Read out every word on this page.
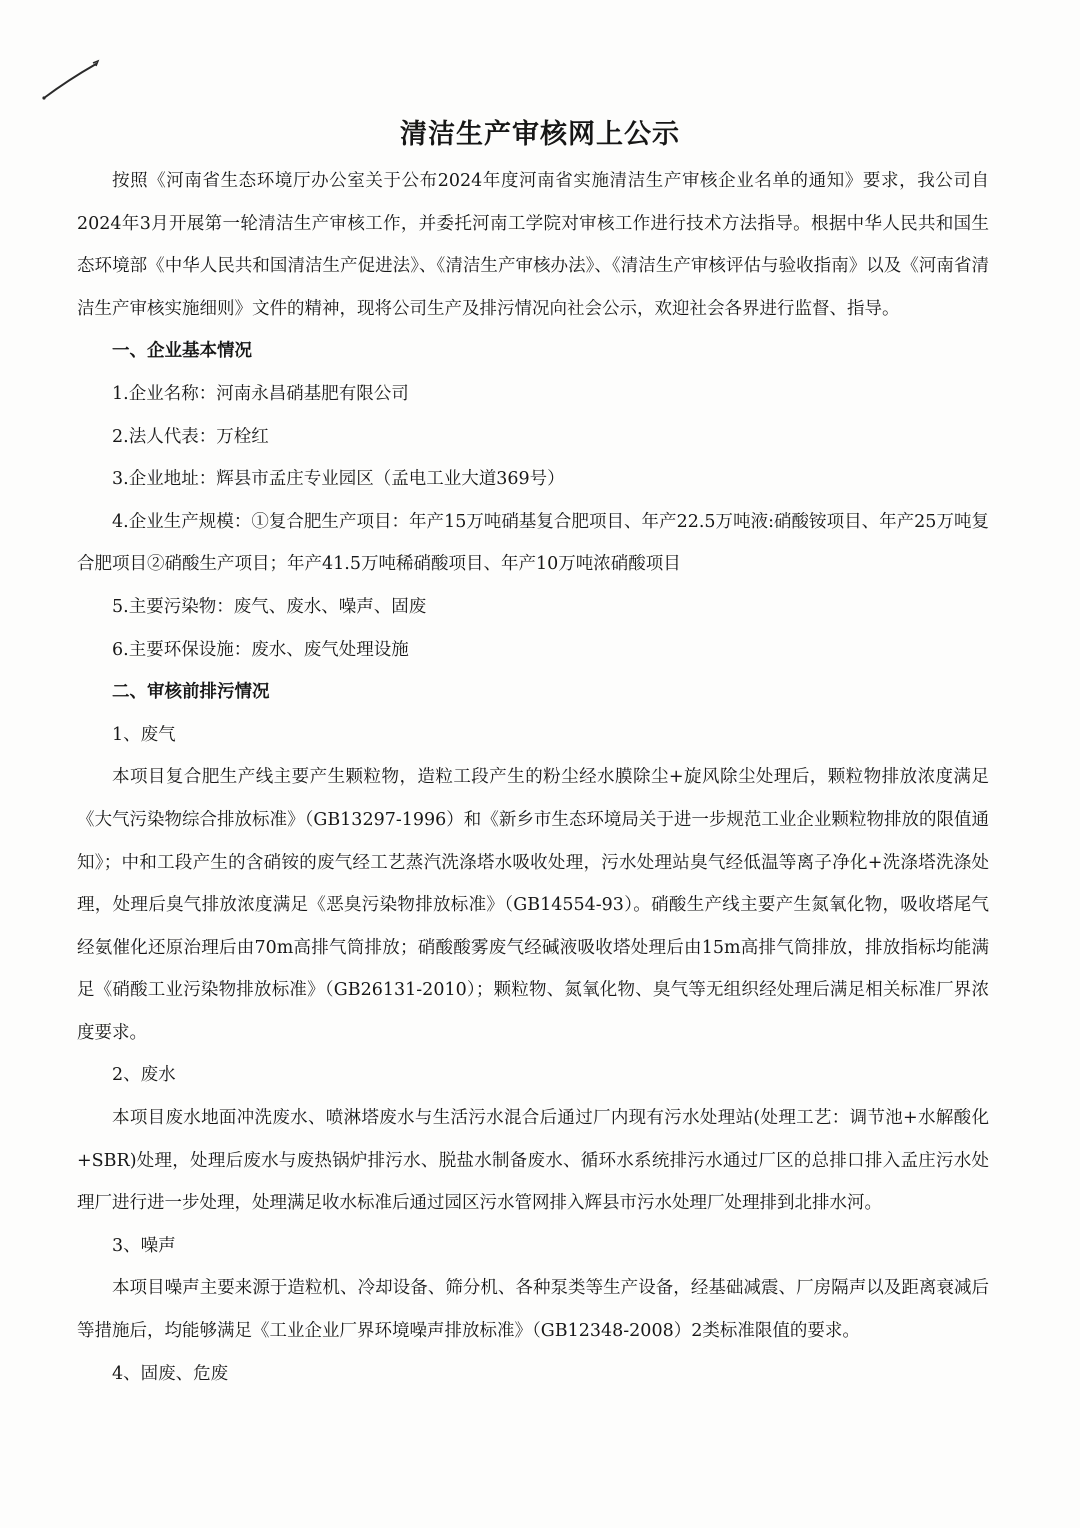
清洁生产审核网上公示

按照《河南省生态环境厅办公室关于公布2024年度河南省实施清洁生产审核企业名单的通知》要求，我公司自2024年3月开展第一轮清洁生产审核工作，并委托河南工学院对审核工作进行技术方法指导。根据中华人民共和国生态环境部《中华人民共和国清洁生产促进法》、《清洁生产审核办法》、《清洁生产审核评估与验收指南》以及《河南省清洁生产审核实施细则》文件的精神，现将公司生产及排污情况向社会公示，欢迎社会各界进行监督、指导。

一、企业基本情况

1.企业名称：河南永昌硝基肥有限公司

2.法人代表：万栓红

3.企业地址：辉县市孟庄专业园区（孟电工业大道369号）

4.企业生产规模：①复合肥生产项目：年产15万吨硝基复合肥项目、年产22.5万吨液:硝酸铵项目、年产25万吨复合肥项目②硝酸生产项目；年产41.5万吨稀硝酸项目、年产10万吨浓硝酸项目

5.主要污染物：废气、废水、噪声、固废

6.主要环保设施：废水、废气处理设施

二、审核前排污情况

1、废气

本项目复合肥生产线主要产生颗粒物，造粒工段产生的粉尘经水膜除尘+旋风除尘处理后，颗粒物排放浓度满足《大气污染物综合排放标准》（GB13297-1996）和《新乡市生态环境局关于进一步规范工业企业颗粒物排放的限值通知》；中和工段产生的含硝铵的废气经工艺蒸汽洗涤塔水吸收处理，污水处理站臭气经低温等离子净化+洗涤塔洗涤处理，处理后臭气排放浓度满足《恶臭污染物排放标准》（GB14554-93）。硝酸生产线主要产生氮氧化物，吸收塔尾气经氨催化还原治理后由70m高排气筒排放；硝酸酸雾废气经碱液吸收塔处理后由15m高排气筒排放，排放指标均能满足《硝酸工业污染物排放标准》（GB26131-2010）；颗粒物、氮氧化物、臭气等无组织经处理后满足相关标准厂界浓度要求。

2、废水

本项目废水地面冲洗废水、喷淋塔废水与生活污水混合后通过厂内现有污水处理站(处理工艺：调节池+水解酸化+SBR)处理，处理后废水与废热锅炉排污水、脱盐水制备废水、循环水系统排污水通过厂区的总排口排入孟庄污水处理厂进行进一步处理，处理满足收水标准后通过园区污水管网排入辉县市污水处理厂处理排到北排水河。

3、噪声

本项目噪声主要来源于造粒机、冷却设备、筛分机、各种泵类等生产设备，经基础减震、厂房隔声以及距离衰减后等措施后，均能够满足《工业企业厂界环境噪声排放标准》（GB12348-2008）2类标准限值的要求。

4、固废、危废
